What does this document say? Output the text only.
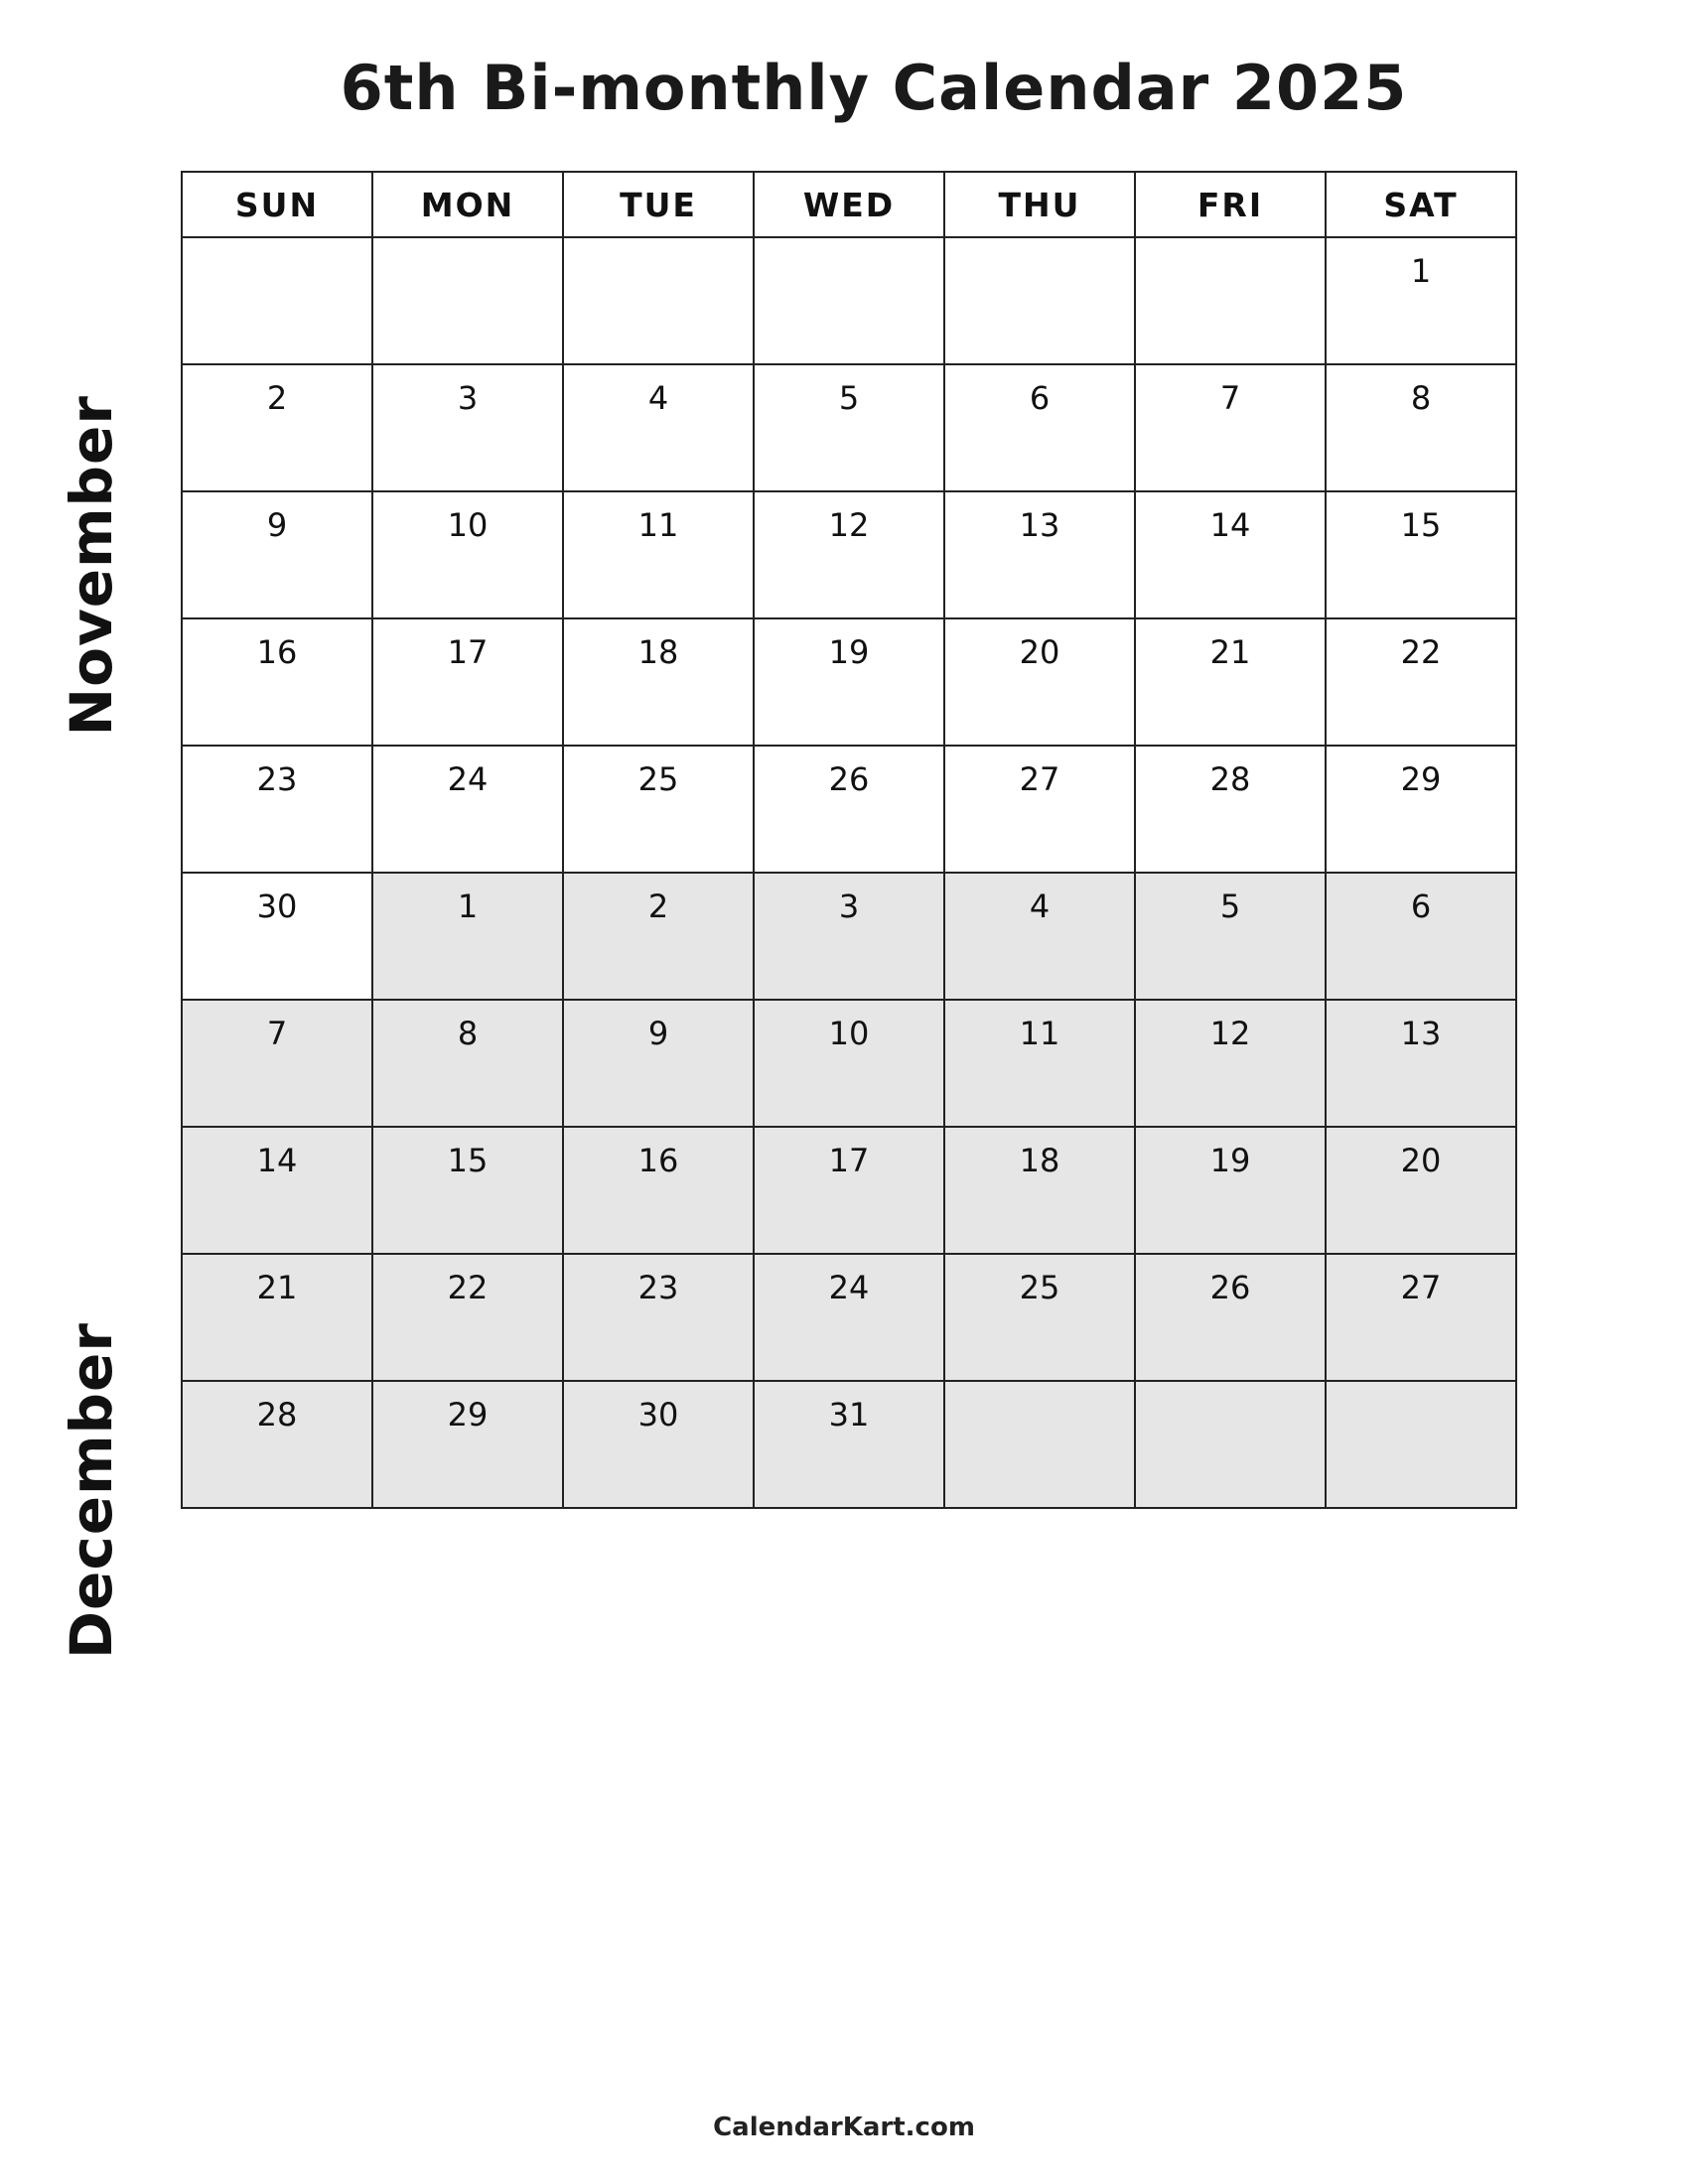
6th Bi-monthly Calendar 2025
November
December
SUN	MON	TUE	WED	THU	FRI	SAT
						1
2	3	4	5	6	7	8
9	10	11	12	13	14	15
16	17	18	19	20	21	22
23	24	25	26	27	28	29
30	1	2	3	4	5	6
7	8	9	10	11	12	13
14	15	16	17	18	19	20
21	22	23	24	25	26	27
28	29	30	31			
CalendarKart.com
